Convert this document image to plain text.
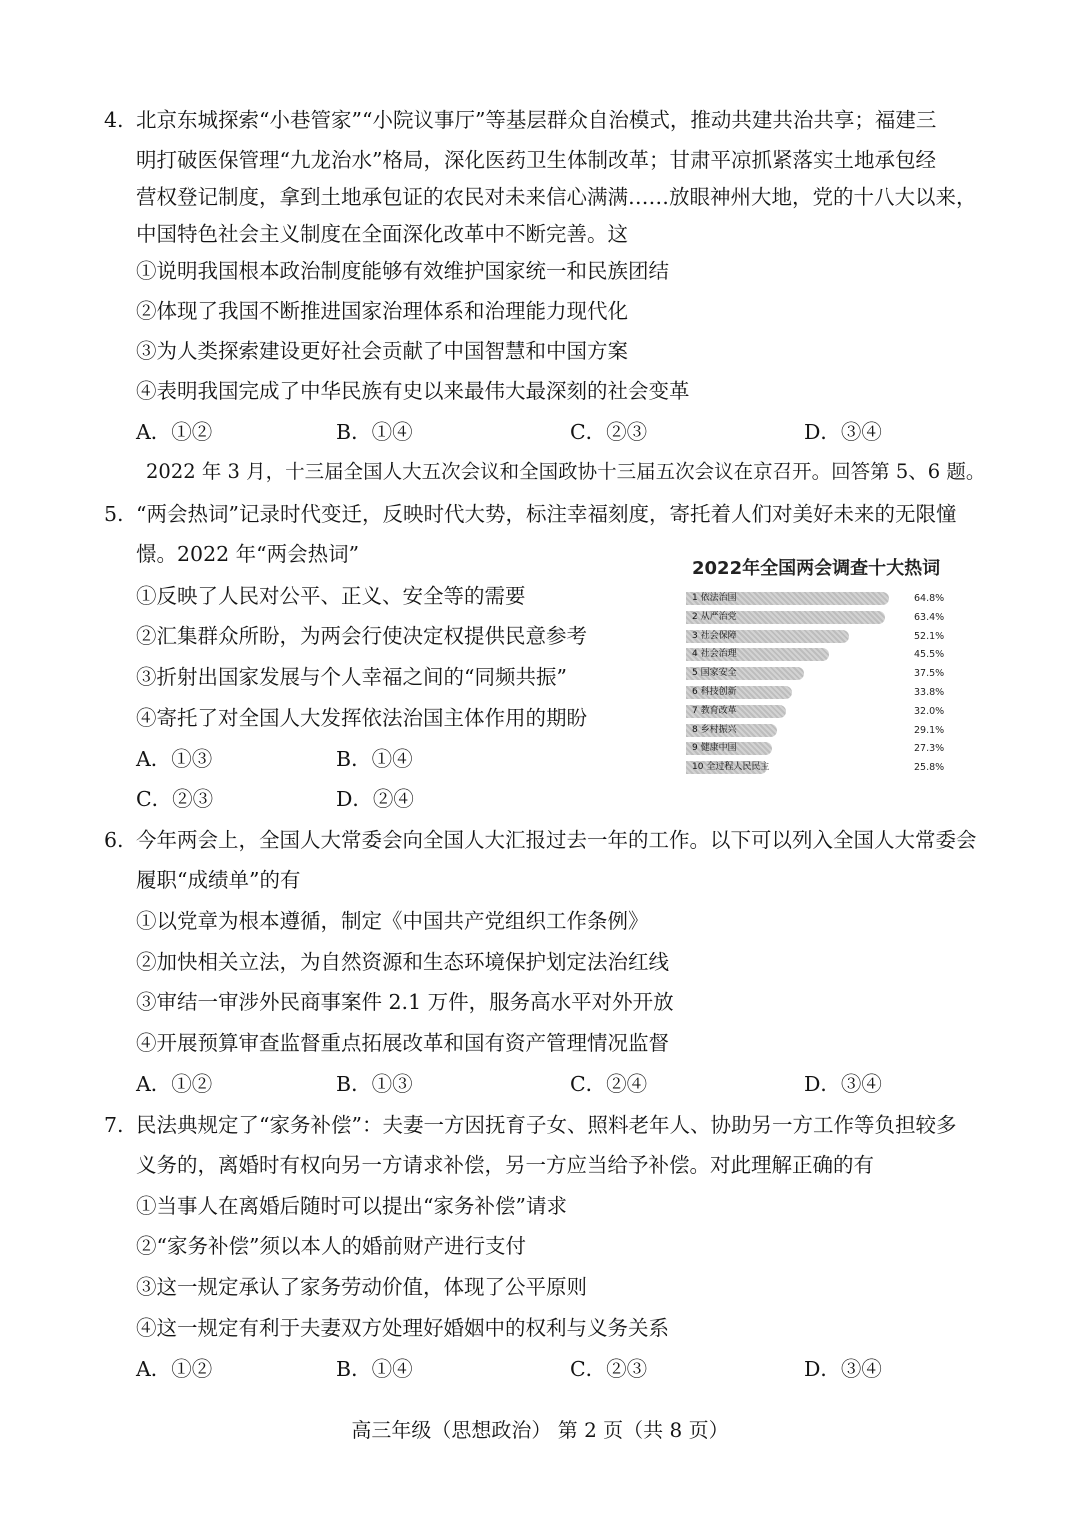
4. 北京东城探索“小巷管家”“小院议事厅”等基层群众自治模式，推动共建共治共享；福建三
明打破医保管理“九龙治水”格局，深化医药卫生体制改革；甘肃平凉抓紧落实土地承包经
营权登记制度，拿到土地承包证的农民对未来信心满满……放眼神州大地，党的十八大以来，
中国特色社会主义制度在全面深化改革中不断完善。这
①说明我国根本政治制度能够有效维护国家统一和民族团结
②体现了我国不断推进国家治理体系和治理能力现代化
③为人类探索建设更好社会贡献了中国智慧和中国方案
④表明我国完成了中华民族有史以来最伟大最深刻的社会变革
A．①②	B．①④	C．②③	D．③④
2022 年 3 月，十三届全国人大五次会议和全国政协十三届五次会议在京召开。回答第 5、6 题。
5. “两会热词”记录时代变迁，反映时代大势，标注幸福刻度，寄托着人们对美好未来的无限憧
憬。2022 年“两会热词”
①反映了人民对公平、正义、安全等的需要
②汇集群众所盼，为两会行使决定权提供民意参考
③折射出国家发展与个人幸福之间的“同频共振”
④寄托了对全国人大发挥依法治国主体作用的期盼
A．①③	B．①④
C．②③	D．②④
2022年全国两会调查十大热词
1 依法治国	64.8%
2 从严治党	63.4%
3 社会保障	52.1%
4 社会治理	45.5%
5 国家安全	37.5%
6 科技创新	33.8%
7 教育改革	32.0%
8 乡村振兴	29.1%
9 健康中国	27.3%
10 全过程人民民主	25.8%
6. 今年两会上，全国人大常委会向全国人大汇报过去一年的工作。以下可以列入全国人大常委会
履职“成绩单”的有
①以党章为根本遵循，制定《中国共产党组织工作条例》
②加快相关立法，为自然资源和生态环境保护划定法治红线
③审结一审涉外民商事案件 2.1 万件，服务高水平对外开放
④开展预算审查监督重点拓展改革和国有资产管理情况监督
A．①②	B．①③	C．②④	D．③④
7. 民法典规定了“家务补偿”：夫妻一方因抚育子女、照料老年人、协助另一方工作等负担较多
义务的，离婚时有权向另一方请求补偿，另一方应当给予补偿。对此理解正确的有
①当事人在离婚后随时可以提出“家务补偿”请求
②“家务补偿”须以本人的婚前财产进行支付
③这一规定承认了家务劳动价值，体现了公平原则
④这一规定有利于夫妻双方处理好婚姻中的权利与义务关系
A．①②	B．①④	C．②③	D．③④
高三年级（思想政治） 第 2 页（共 8 页）
